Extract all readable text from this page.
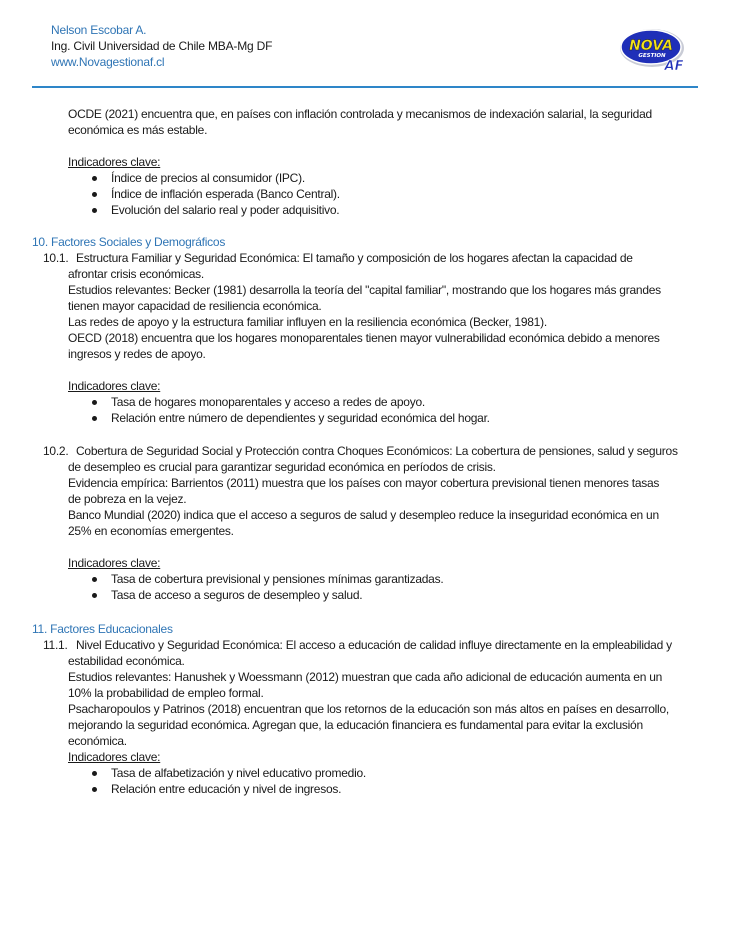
Nelson Escobar A.
Ing. Civil Universidad de Chile MBA-Mg DF
www.Novagestionaf.cl
NOVA
GESTION
AF
OCDE (2021) encuentra que, en países con inflación controlada y mecanismos de indexación salarial, la seguridad
económica es más estable.
Indicadores clave:
Índice de precios al consumidor (IPC).
Índice de inflación esperada (Banco Central).
Evolución del salario real y poder adquisitivo.
10. Factores Sociales y Demográficos
10.1. Estructura Familiar y Seguridad Económica: El tamaño y composición de los hogares afectan la capacidad de
afrontar crisis económicas.
Estudios relevantes: Becker (1981) desarrolla la teoría del "capital familiar", mostrando que los hogares más grandes
tienen mayor capacidad de resiliencia económica.
Las redes de apoyo y la estructura familiar influyen en la resiliencia económica (Becker, 1981).
OECD (2018) encuentra que los hogares monoparentales tienen mayor vulnerabilidad económica debido a menores
ingresos y redes de apoyo.
Indicadores clave:
Tasa de hogares monoparentales y acceso a redes de apoyo.
Relación entre número de dependientes y seguridad económica del hogar.
10.2. Cobertura de Seguridad Social y Protección contra Choques Económicos: La cobertura de pensiones, salud y seguros
de desempleo es crucial para garantizar seguridad económica en períodos de crisis.
Evidencia empírica: Barrientos (2011) muestra que los países con mayor cobertura previsional tienen menores tasas
de pobreza en la vejez.
Banco Mundial (2020) indica que el acceso a seguros de salud y desempleo reduce la inseguridad económica en un
25% en economías emergentes.
Indicadores clave:
Tasa de cobertura previsional y pensiones mínimas garantizadas.
Tasa de acceso a seguros de desempleo y salud.
11. Factores Educacionales
11.1. Nivel Educativo y Seguridad Económica: El acceso a educación de calidad influye directamente en la empleabilidad y
estabilidad económica.
Estudios relevantes: Hanushek y Woessmann (2012) muestran que cada año adicional de educación aumenta en un
10% la probabilidad de empleo formal.
Psacharopoulos y Patrinos (2018) encuentran que los retornos de la educación son más altos en países en desarrollo,
mejorando la seguridad económica. Agregan que, la educación financiera es fundamental para evitar la exclusión
económica.
Indicadores clave:
Tasa de alfabetización y nivel educativo promedio.
Relación entre educación y nivel de ingresos.
